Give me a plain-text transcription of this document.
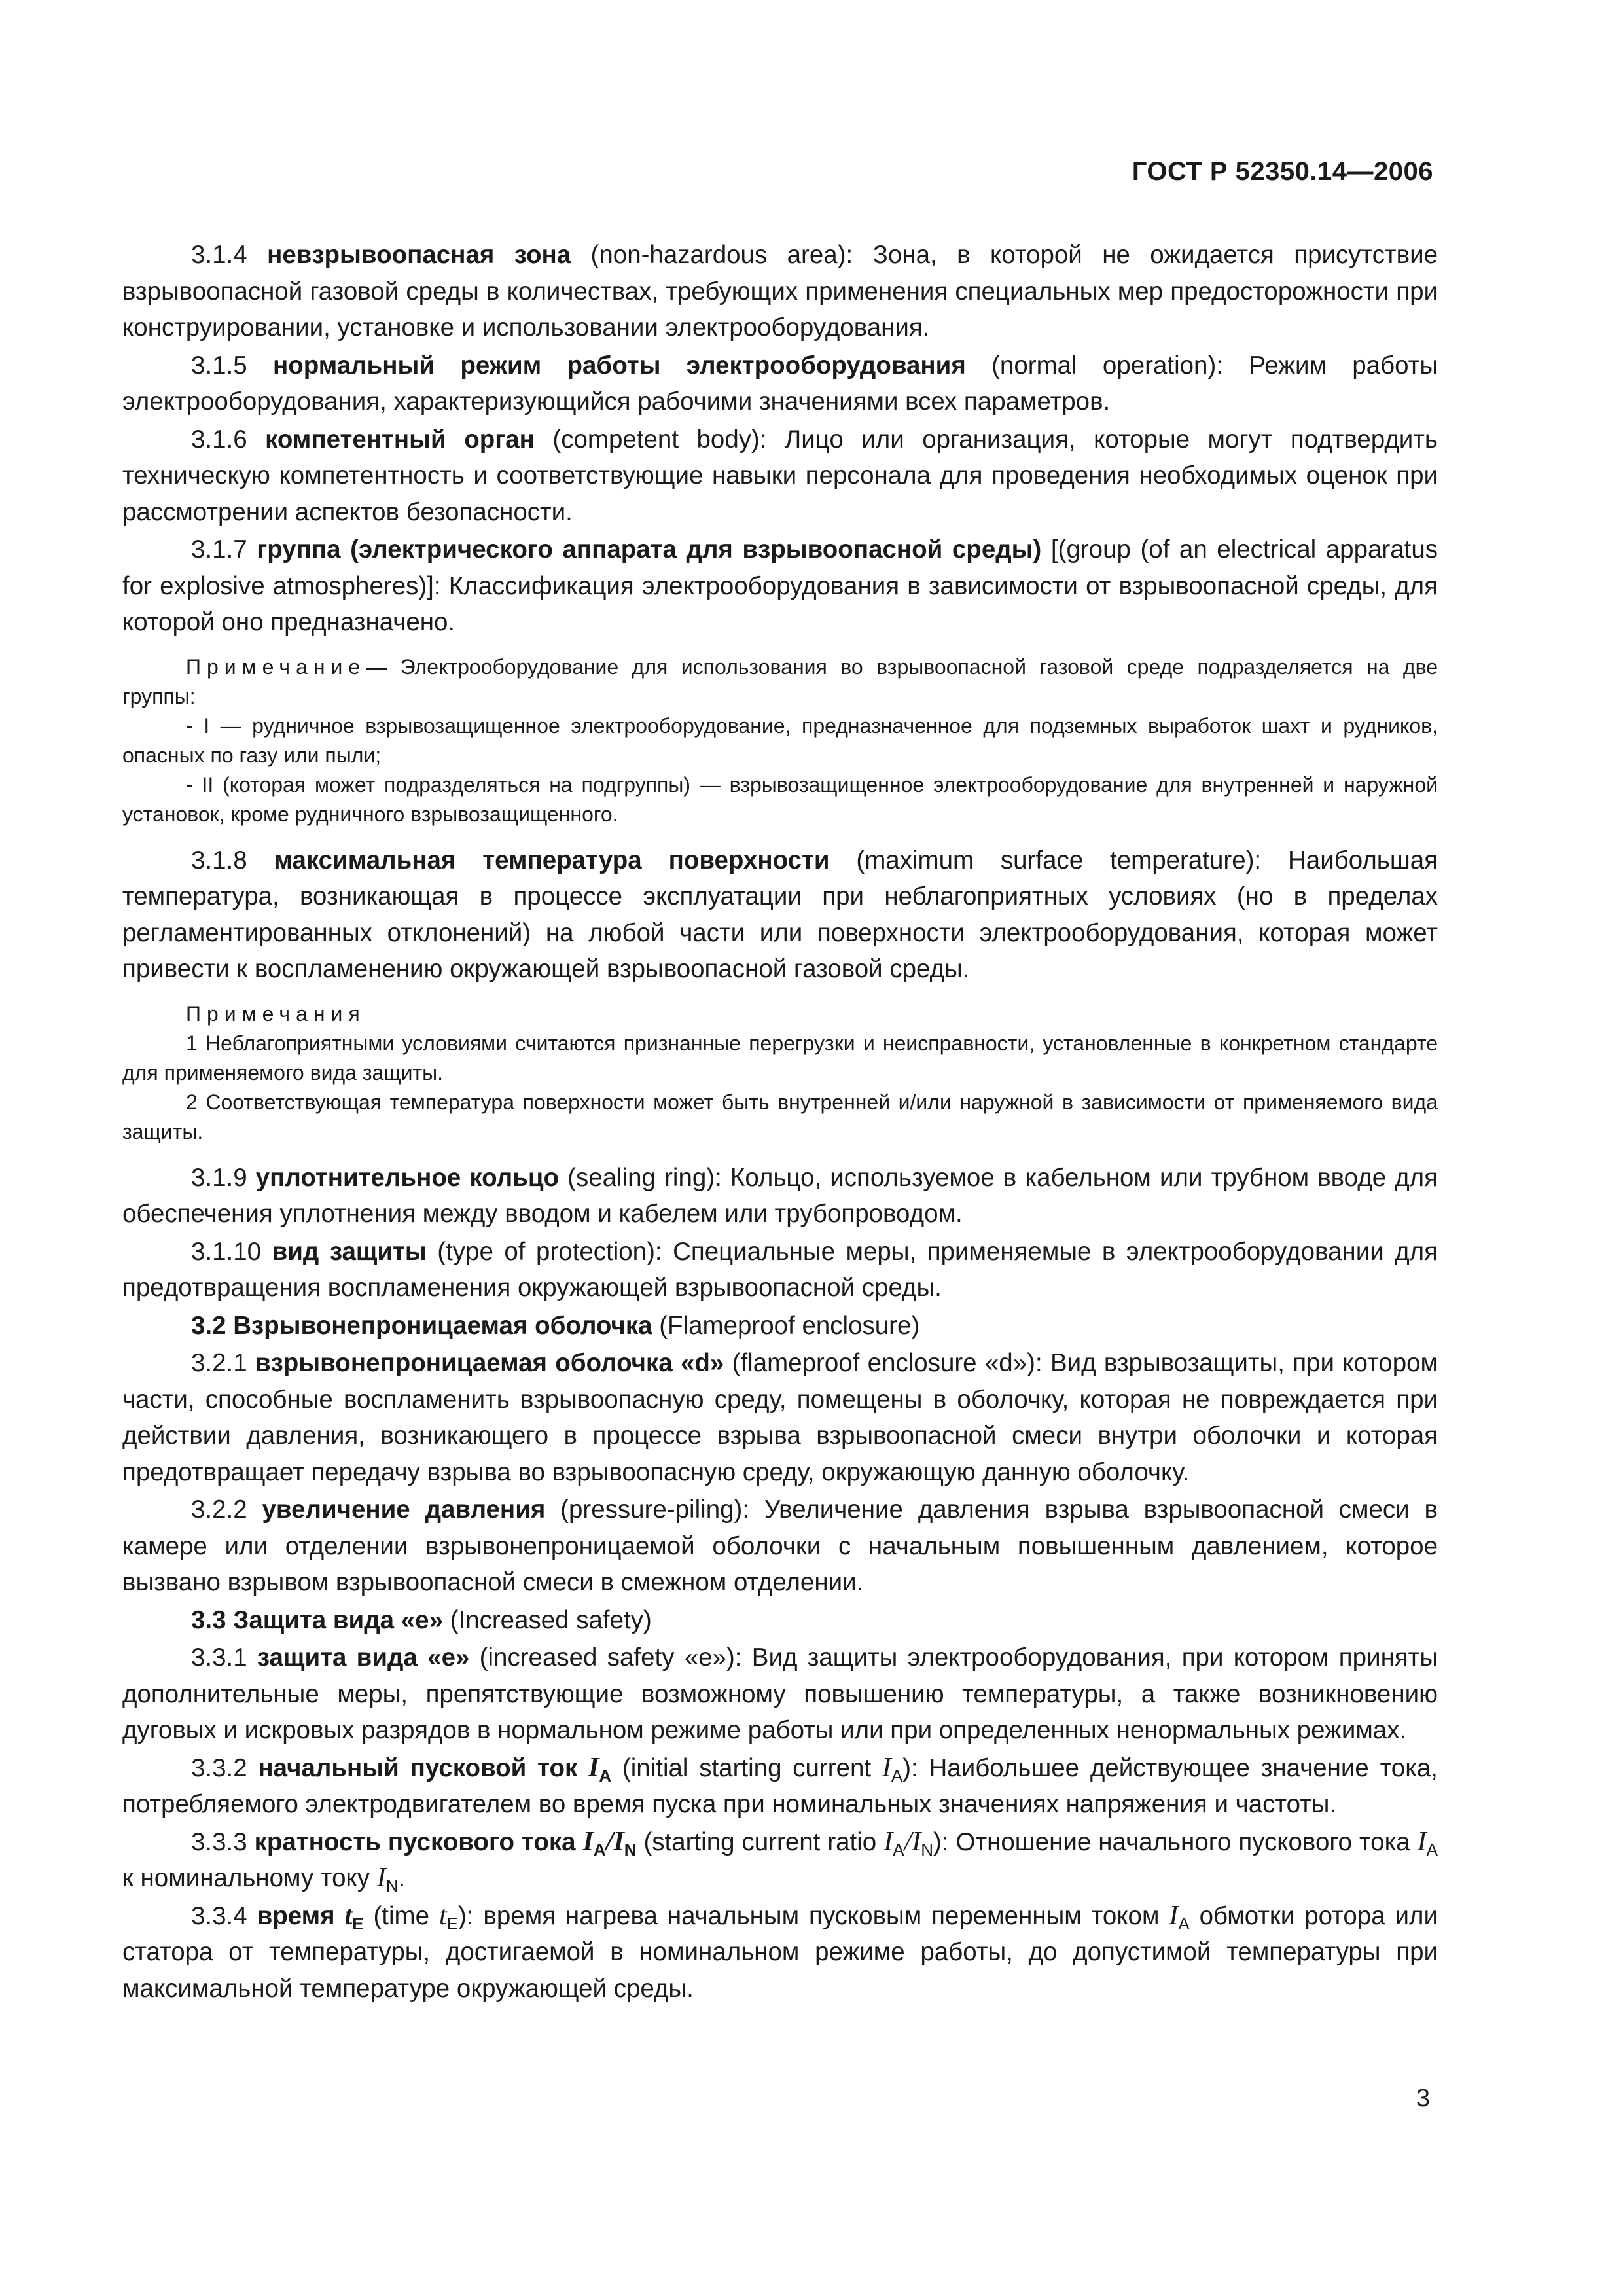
ГОСТ Р 52350.14—2006

3.1.4 невзрывоопасная зона (non-hazardous area): Зона, в которой не ожидается присутствие взрывоопасной газовой среды в количествах, требующих применения специальных мер предосторожности при конструировании, установке и использовании электрооборудования.

3.1.5 нормальный режим работы электрооборудования (normal operation): Режим работы электрооборудования, характеризующийся рабочими значениями всех параметров.

3.1.6 компетентный орган (competent body): Лицо или организация, которые могут подтвердить техническую компетентность и соответствующие навыки персонала для проведения необходимых оценок при рассмотрении аспектов безопасности.

3.1.7 группа (электрического аппарата для взрывоопасной среды) [(group (of an electrical apparatus for explosive atmospheres)]: Классификация электрооборудования в зависимости от взрывоопасной среды, для которой оно предназначено.

Примечание— Электрооборудование для использования во взрывоопасной газовой среде подразделяется на две группы:

- I — рудничное взрывозащищенное электрооборудование, предназначенное для подземных выработок шахт и рудников, опасных по газу или пыли;

- II (которая может подразделяться на подгруппы) — взрывозащищенное электрооборудование для внутренней и наружной установок, кроме рудничного взрывозащищенного.

3.1.8 максимальная температура поверхности (maximum surface temperature): Наибольшая температура, возникающая в процессе эксплуатации при неблагоприятных условиях (но в пределах регламентированных отклонений) на любой части или поверхности электрооборудования, которая может привести к воспламенению окружающей взрывоопасной газовой среды.

Примечания

1 Неблагоприятными условиями считаются признанные перегрузки и неисправности, установленные в конкретном стандарте для применяемого вида защиты.

2 Соответствующая температура поверхности может быть внутренней и/или наружной в зависимости от применяемого вида защиты.

3.1.9 уплотнительное кольцо (sealing ring): Кольцо, используемое в кабельном или трубном вводе для обеспечения уплотнения между вводом и кабелем или трубопроводом.

3.1.10 вид защиты (type of protection): Специальные меры, применяемые в электрооборудовании для предотвращения воспламенения окружающей взрывоопасной среды.

3.2 Взрывонепроницаемая оболочка (Flameproof enclosure)

3.2.1 взрывонепроницаемая оболочка «d» (flameproof enclosure «d»): Вид взрывозащиты, при котором части, способные воспламенить взрывоопасную среду, помещены в оболочку, которая не повреждается при действии давления, возникающего в процессе взрыва взрывоопасной смеси внутри оболочки и которая предотвращает передачу взрыва во взрывоопасную среду, окружающую данную оболочку.

3.2.2 увеличение давления (pressure-piling): Увеличение давления взрыва взрывоопасной смеси в камере или отделении взрывонепроницаемой оболочки с начальным повышенным давлением, которое вызвано взрывом взрывоопасной смеси в смежном отделении.

3.3 Защита вида «е» (Increased safety)

3.3.1 защита вида «е» (increased safety «е»): Вид защиты электрооборудования, при котором приняты дополнительные меры, препятствующие возможному повышению температуры, а также возникновению дуговых и искровых разрядов в нормальном режиме работы или при определенных ненормальных режимах.

3.3.2 начальный пусковой ток $I_A$ (initial starting current $I_A$): Наибольшее действующее значение тока, потребляемого электродвигателем во время пуска при номинальных значениях напряжения и частоты.

3.3.3 кратность пускового тока $I_A/I_N$ (starting current ratio $I_A/I_N$): Отношение начального пускового тока $I_A$ к номинальному току $I_N$.

3.3.4 время $t_E$ (time $t_E$): время нагрева начальным пусковым переменным током $I_A$ обмотки ротора или статора от температуры, достигаемой в номинальном режиме работы, до допустимой температуры при максимальной температуре окружающей среды.

3
